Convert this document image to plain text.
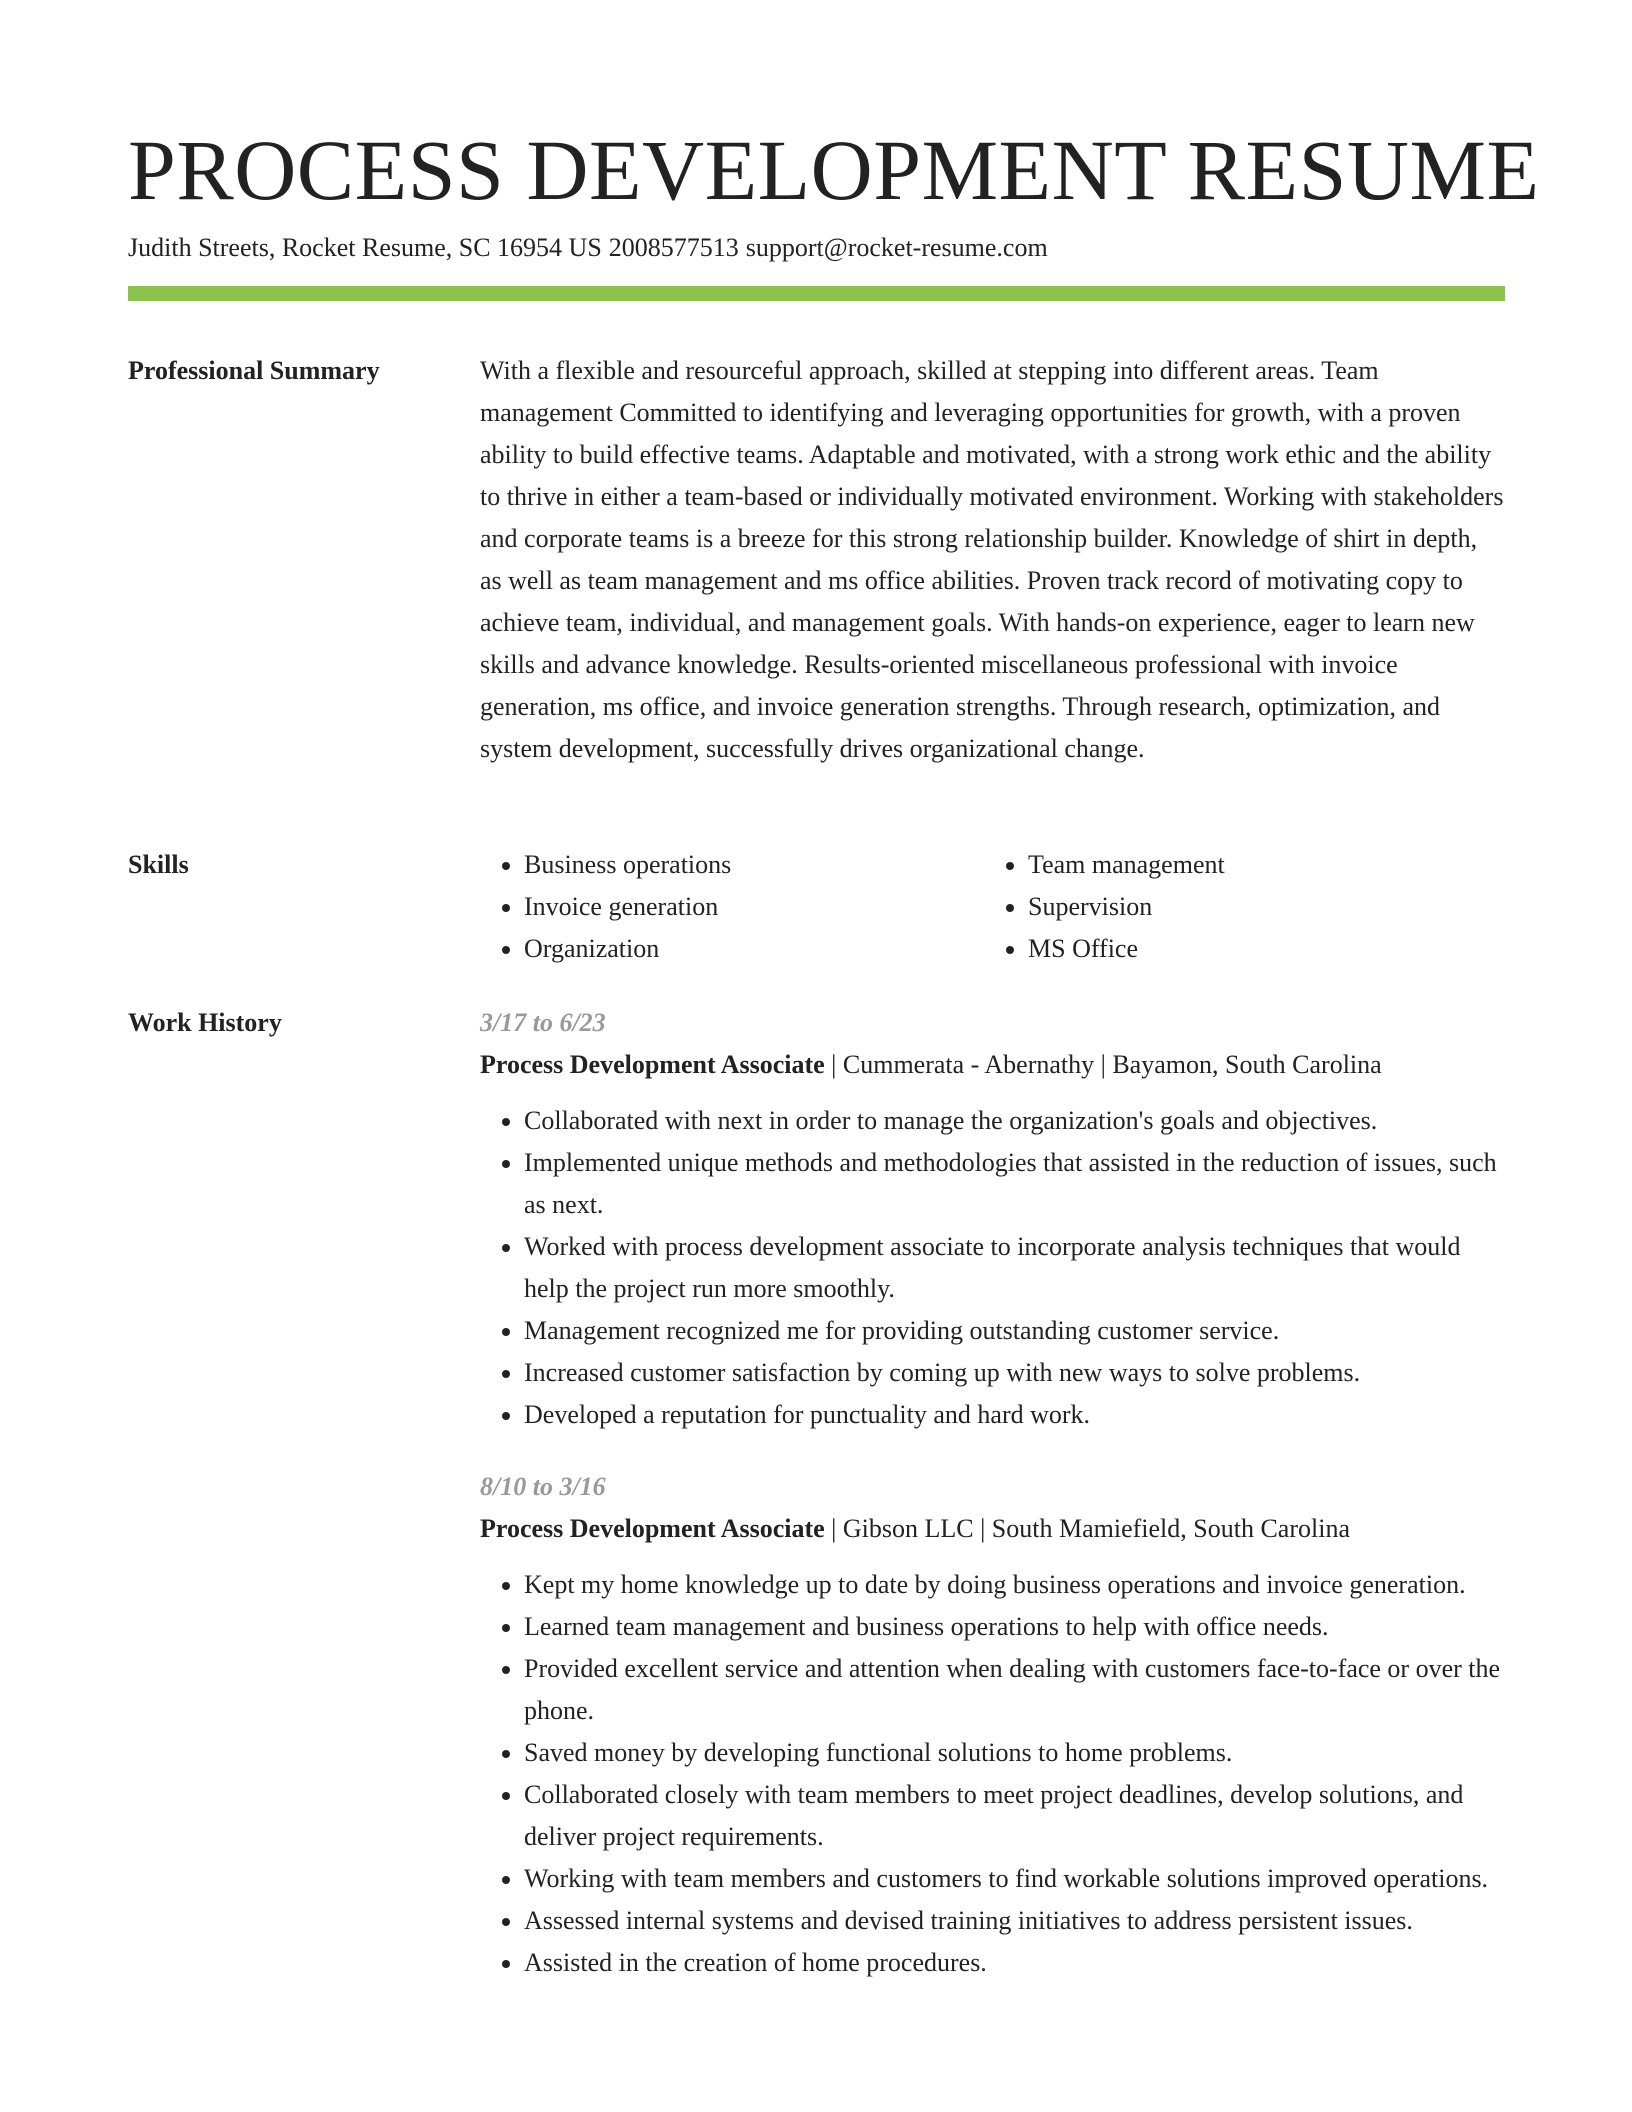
PROCESS DEVELOPMENT RESUME
Judith Streets, Rocket Resume, SC 16954 US 2008577513 support@rocket-resume.com
Professional Summary	With a flexible and resourceful approach, skilled at stepping into different areas. Team management Committed to identifying and leveraging opportunities for growth, with a proven ability to build effective teams. Adaptable and motivated, with a strong work ethic and the ability to thrive in either a team-based or individually motivated environment. Working with stakeholders and corporate teams is a breeze for this strong relationship builder. Knowledge of shirt in depth, as well as team management and ms office abilities. Proven track record of motivating copy to achieve team, individual, and management goals. With hands-on experience, eager to learn new skills and advance knowledge. Results-oriented miscellaneous professional with invoice generation, ms office, and invoice generation strengths. Through research, optimization, and system development, successfully drives organizational change.

Skills
•	Business operations
• Invoice generation
• Organization
• Team management
• Supervision
• MS Office
Work History	3/17 to 6/23
Process Development Associate | Cummerata - Abernathy | Bayamon, South Carolina
• Collaborated with next in order to manage the organization's goals and objectives.
• Implemented unique methods and methodologies that assisted in the reduction of issues, such as next.
• Worked with process development associate to incorporate analysis techniques that would help the project run more smoothly.
• Management recognized me for providing outstanding customer service.
• Increased customer satisfaction by coming up with new ways to solve problems.
• Developed a reputation for punctuality and hard work.
8/10 to 3/16
Process Development Associate | Gibson LLC | South Mamiefield, South Carolina
• Kept my home knowledge up to date by doing business operations and invoice generation.
• Learned team management and business operations to help with office needs.
• Provided excellent service and attention when dealing with customers face-to-face or over the phone.
• Saved money by developing functional solutions to home problems.
• Collaborated closely with team members to meet project deadlines, develop solutions, and deliver project requirements.
• Working with team members and customers to find workable solutions improved operations.
• Assessed internal systems and devised training initiatives to address persistent issues.
• Assisted in the creation of home procedures.
